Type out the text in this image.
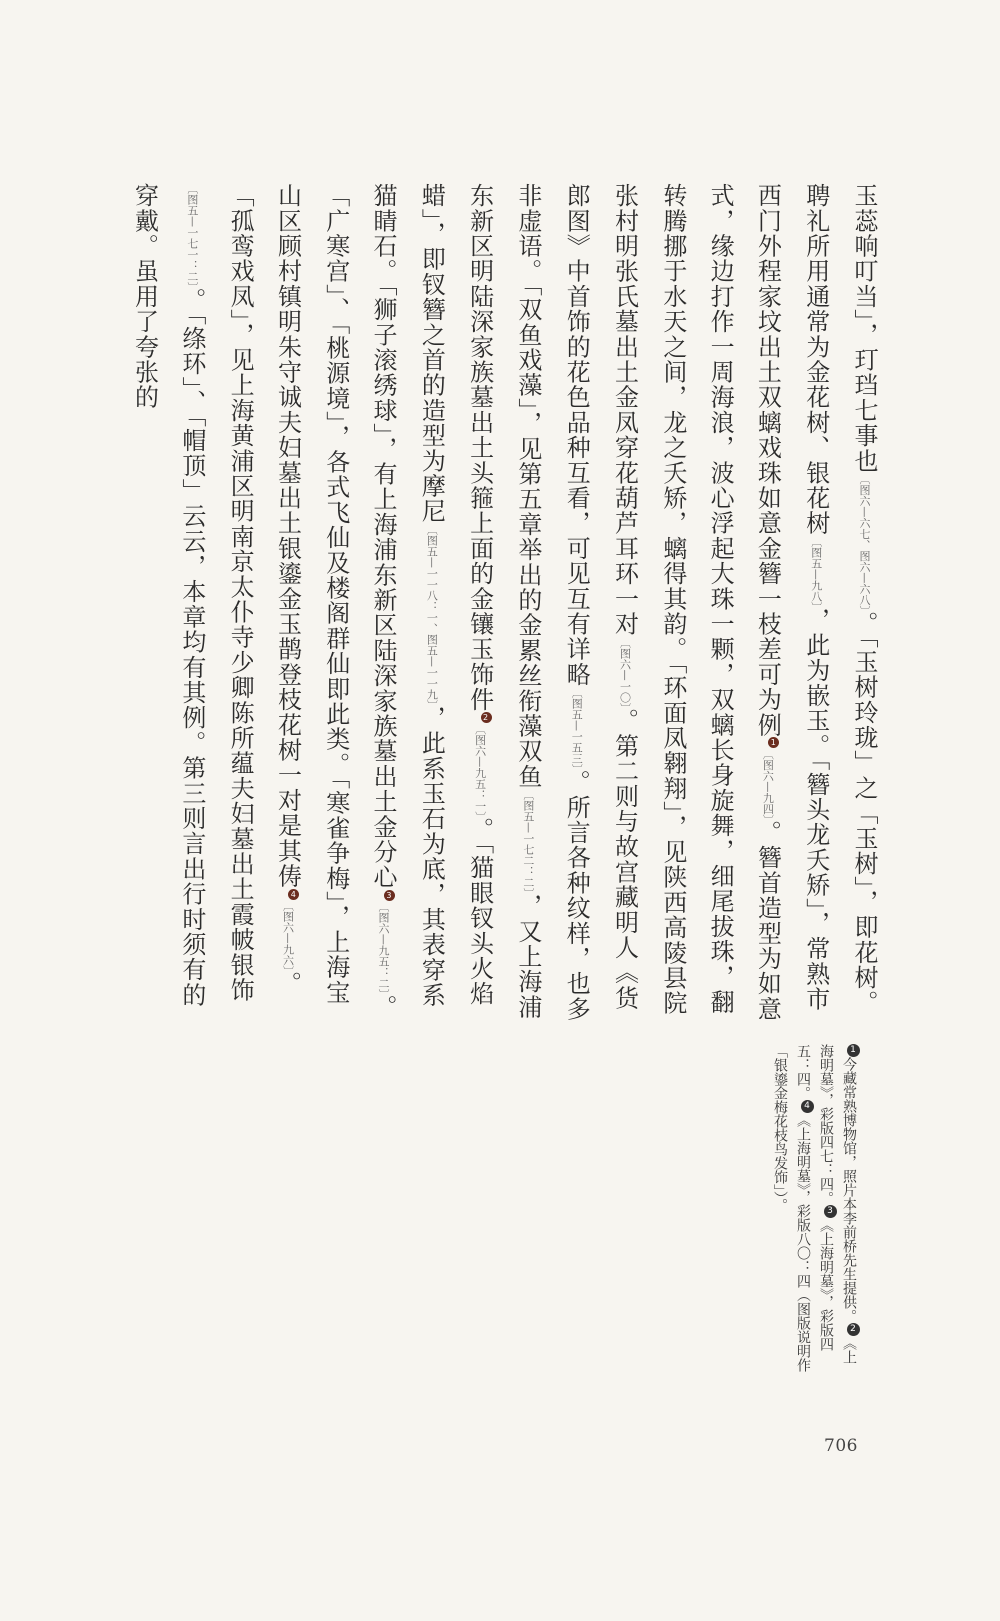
玉蕊响叮当」，玎珰七事也〔图六—六七、图六—六八〕。「玉树玲珑」之「玉树」，即花树。聘礼所用通常为金花树、银花树〔图五—九八〕，此为嵌玉。「簪头龙夭矫」，常熟市西门外程家坟出土双螭戏珠如意金簪一枝差可为例1〔图六—九四〕。簪首造型为如意式，缘边打作一周海浪，波心浮起大珠一颗，双螭长身旋舞，细尾拔珠，翻转腾挪于水天之间，龙之夭矫，螭得其韵。「环面凤翱翔」，见陕西高陵县院张村明张氏墓出土金凤穿花葫芦耳环一对〔图六—一〇〕。第二则与故宫藏明人《货郎图》中首饰的花色品种互看，可见互有详略〔图五—一五三〕。所言各种纹样，也多非虚语。「双鱼戏藻」，见第五章举出的金累丝衔藻双鱼〔图五—一七二：二〕，又上海浦东新区明陆深家族墓出土头箍上面的金镶玉饰件2〔图六—九五：一〕。「猫眼钗头火焰蜡」，即钗簪之首的造型为摩尼〔图五—一一八：一、图五—一一九〕，此系玉石为底，其表穿系猫睛石。「狮子滚绣球」，有上海浦东新区陆深家族墓出土金分心3〔图六—九五：二〕。「广寒宫」、「桃源境」，各式飞仙及楼阁群仙即此类。「寒雀争梅」，上海宝山区顾村镇明朱守诚夫妇墓出土银鎏金玉鹊登枝花树一对是其俦4〔图六—九六〕。「孤鸾戏凤」，见上海黄浦区明南京太仆寺少卿陈所蕴夫妇墓出土霞帔银饰〔图五—一七一：二〕。「绦环」、「帽顶」云云，本章均有其例。第三则言出行时须有的穿戴。虽用了夸张的
1今藏常熟博物馆，照片本李前桥先生提供。2《上海明墓》，彩版四七：四。3《上海明墓》，彩版四五：四。4《上海明墓》，彩版八〇：四（图版说明作「银鎏金梅花枝鸟发饰」）。
706
